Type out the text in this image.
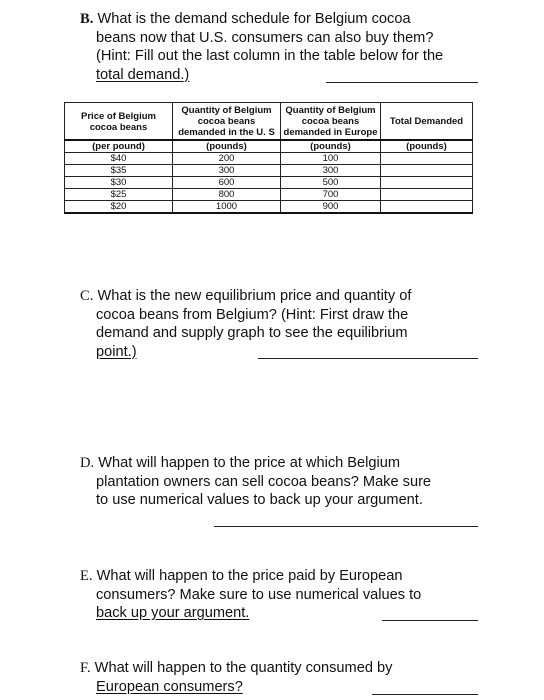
B. What is the demand schedule for Belgium cocoa
beans now that U.S. consumers can also buy them?
(Hint: Fill out the last column in the table below for the
total demand.)
Price of Belgium cocoa beans	Quantity of Belgium cocoa beans demanded in the U. S	Quantity of Belgium cocoa beans demanded in Europe	Total Demanded
(per pound)	(pounds)	(pounds)	(pounds)
$40	200	100	
$35	300	300	
$30	600	500	
$25	800	700	
$20	1000	900	
C. What is the new equilibrium price and quantity of
cocoa beans from Belgium? (Hint: First draw the
demand and supply graph to see the equilibrium
point.)
D. What will happen to the price at which Belgium
plantation owners can sell cocoa beans? Make sure
to use numerical values to back up your argument.
E. What will happen to the price paid by European
consumers? Make sure to use numerical values to
back up your argument.
F. What will happen to the quantity consumed by
European consumers?
